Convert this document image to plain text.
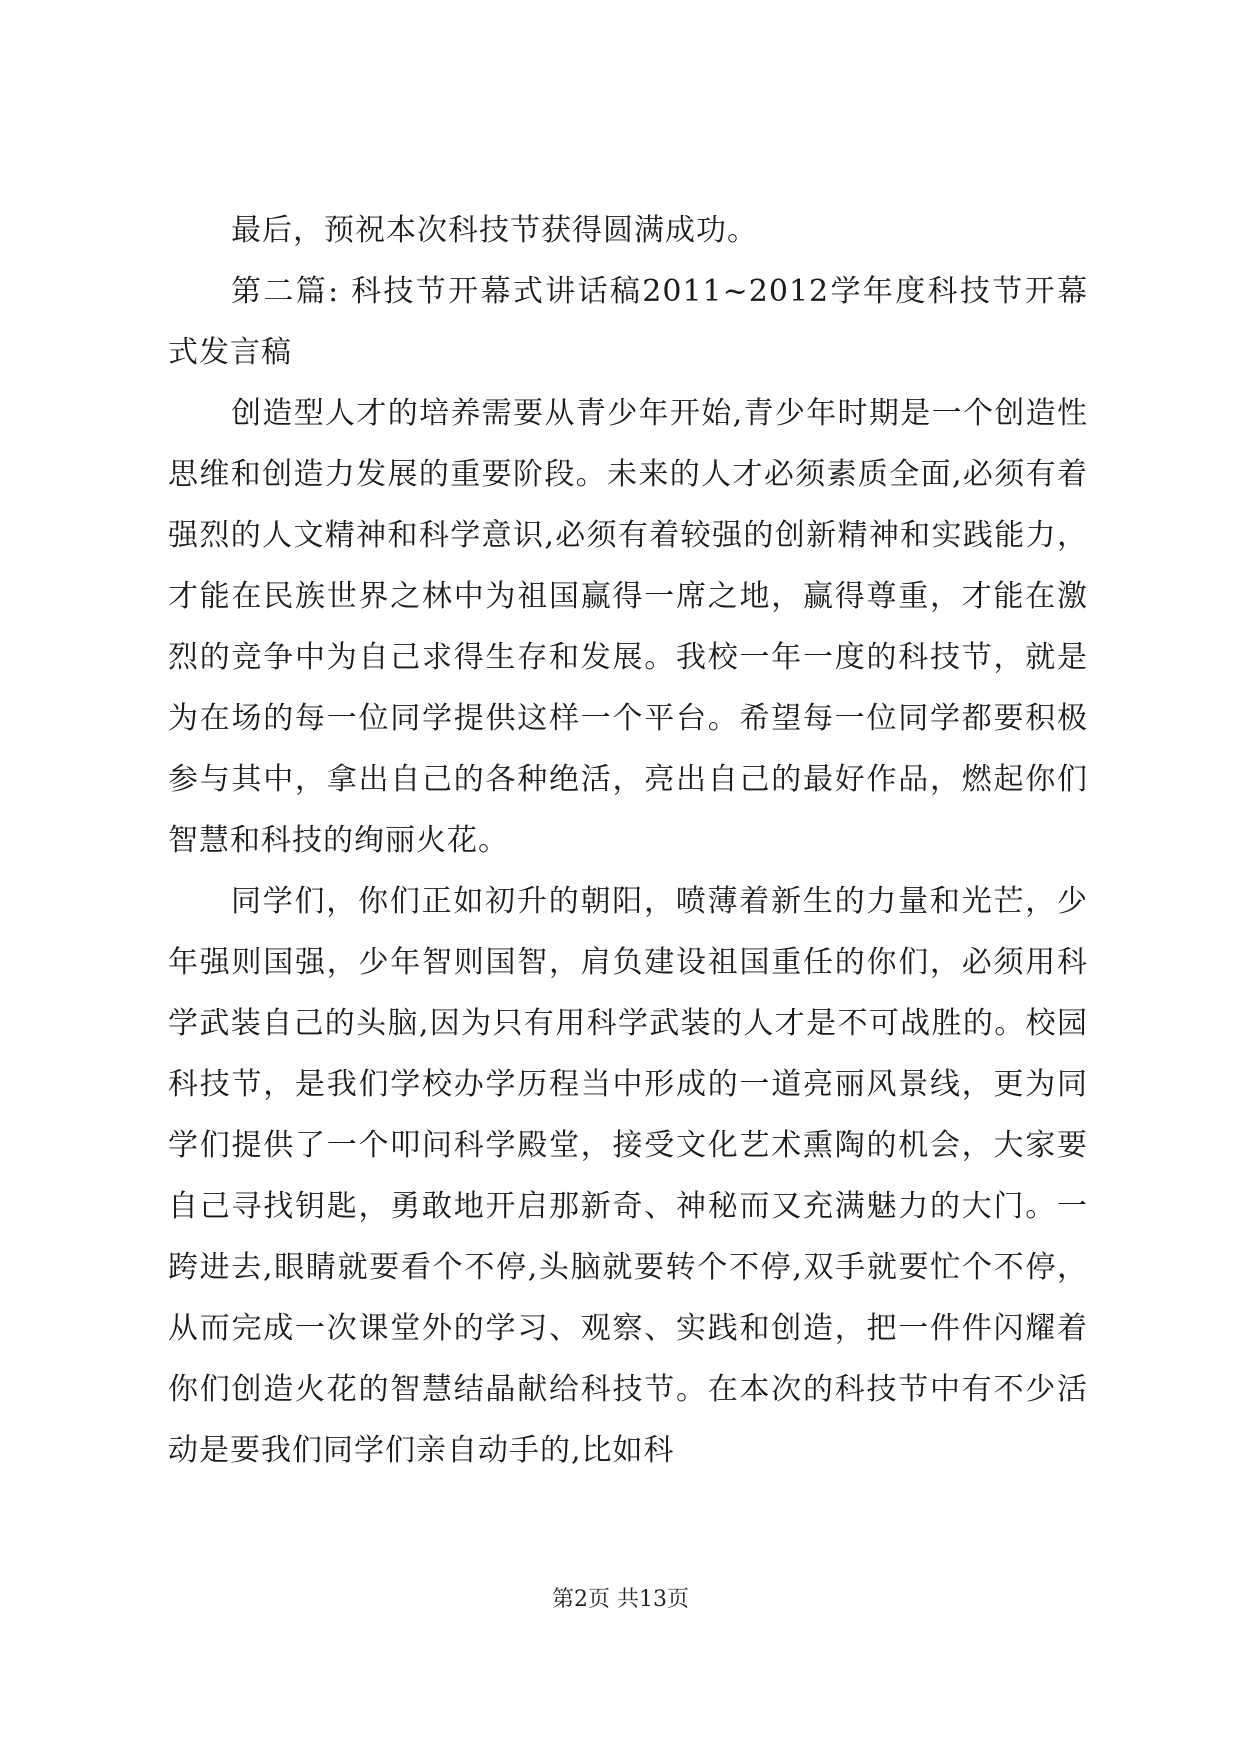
最后，预祝本次科技节获得圆满成功。

第二篇: 科技节开幕式讲话稿2011~2012学年度科技节开幕式发言稿

创造型人才的培养需要从青少年开始,青少年时期是一个创造性思维和创造力发展的重要阶段。未来的人才必须素质全面,必须有着强烈的人文精神和科学意识,必须有着较强的创新精神和实践能力，才能在民族世界之林中为祖国赢得一席之地，赢得尊重，才能在激烈的竞争中为自己求得生存和发展。我校一年一度的科技节，就是为在场的每一位同学提供这样一个平台。希望每一位同学都要积极参与其中，拿出自己的各种绝活，亮出自己的最好作品，燃起你们智慧和科技的绚丽火花。

同学们，你们正如初升的朝阳，喷薄着新生的力量和光芒，少年强则国强，少年智则国智，肩负建设祖国重任的你们，必须用科学武装自己的头脑,因为只有用科学武装的人才是不可战胜的。校园科技节，是我们学校办学历程当中形成的一道亮丽风景线，更为同学们提供了一个叩问科学殿堂，接受文化艺术熏陶的机会，大家要自己寻找钥匙，勇敢地开启那新奇、神秘而又充满魅力的大门。一跨进去,眼睛就要看个不停,头脑就要转个不停,双手就要忙个不停，从而完成一次课堂外的学习、观察、实践和创造，把一件件闪耀着你们创造火花的智慧结晶献给科技节。在本次的科技节中有不少活动是要我们同学们亲自动手的,比如科

第2页 共13页
